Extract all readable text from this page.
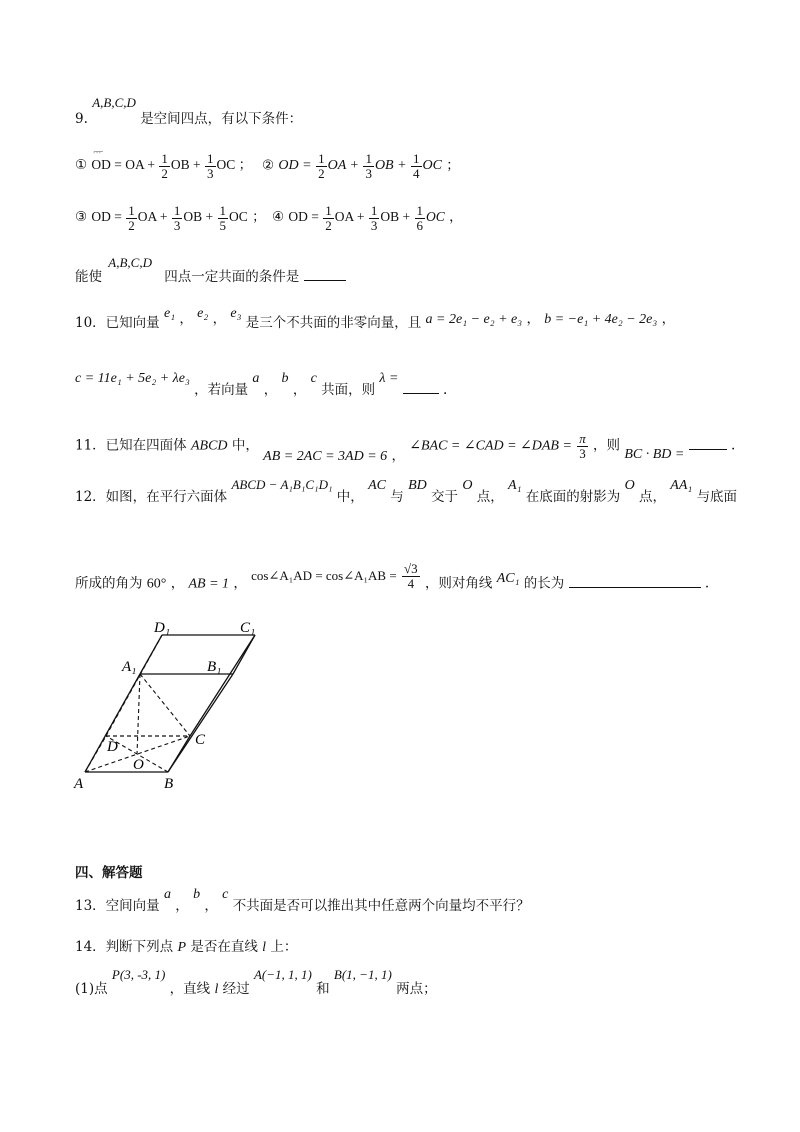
9. A,B,C,D 是空间四点，有以下条件：
① OD
⌐⌐⌐
= OA + $\frac{1}{2}$ OB + $\frac{1}{3}$ OC ； ② OD = $\frac{1}{2}$ OA + $\frac{1}{3}$ OB + $\frac{1}{4}$ OC ；
③ OD = $\frac{1}{2}$ OA + $\frac{1}{3}$ OB + $\frac{1}{5}$ OC ； ④ OD = $\frac{1}{2}$ OA + $\frac{1}{3}$ OB + $\frac{1}{6}$ OC ，
能使 A,B,C,D 四点一定共面的条件是
10．已知向量 e₁ ， e₂ ， e₃ 是三个不共面的非零向量，且 a = 2e₁ − e₂ + e₃ ， b = −e₁ + 4e₂ − 2e₃ ，
c = 11e₁ + 5e₂ + λe₃ ，若向量 a ， b ， c 共面，则 λ =  .
11．已知在四面体 ABCD 中， AB = 2AC = 3AD = 6 ， ∠BAC = ∠CAD = ∠DAB = $\frac{\pi}{3}$ ，则 BC · BD =  .
12．如图，在平行六面体 ABCD − A₁B₁C₁D₁ 中， AC 与 BD 交于 O 点， A₁ 在底面的射影为 O 点， AA₁ 与底面
所成的角为 60° ， AB = 1 ， cos∠A₁AD = cos∠A₁AB = $\frac{√3}{4}$ ，则对角线 AC₁ 的长为	.
D₁	C₁
A₁	B₁
D	C
O
A	B
四、解答题
13．空间向量 a ， b ， c 不共面是否可以推出其中任意两个向量均不平行？
14．判断下列点 P 是否在直线 l 上：
(1)点 P(3, -3, 1) ，直线 l 经过 A(−1, 1, 1) 和 B(1, −1, 1) 两点；
